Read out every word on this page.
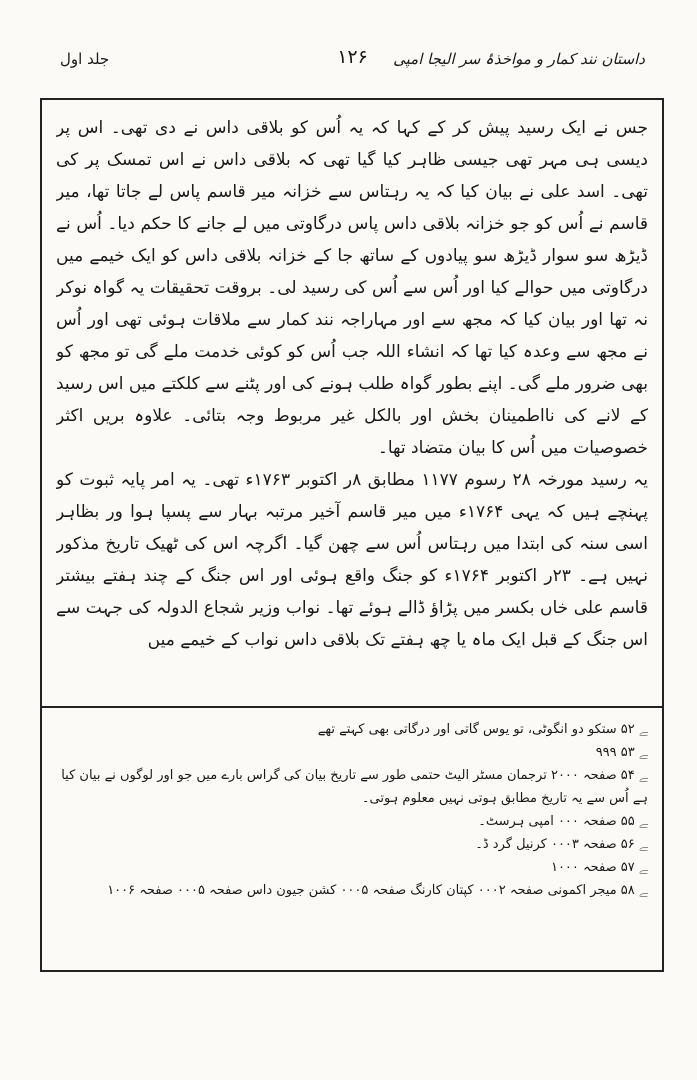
داستان نند کمار و مواخذۂ سر الیجا امپی
۱۲۶
جلد اول

جس نے ایک رسید پیش کر کے کہا کہ یہ اُس کو بلاقی داس نے دی تھی۔ اس پر دیسی ہی مہر تھی جیسی ظاہر کیا گیا تھی کہ بلاقی داس نے اس تمسک پر کی تھی۔ اسد علی نے بیان کیا کہ یہ رہتاس سے خزانہ میر قاسم پاس لے جاتا تھا، میر قاسم نے اُس کو جو خزانہ بلاقی داس پاس درگاوتی میں لے جانے کا حکم دیا۔ اُس نے ڈیڑھ سو سوار ڈیڑھ سو پیادوں کے ساتھ جا کے خزانہ بلاقی داس کو ایک خیمے میں درگاوتی میں حوالے کیا اور اُس سے اُس کی رسید لی۔ بروقت تحقیقات یہ گواہ نوکر نہ تھا اور بیان کیا کہ مجھ سے اور مہاراجہ نند کمار سے ملاقات ہوئی تھی اور اُس نے مجھ سے وعدہ کیا تھا کہ انشاء اللہ جب اُس کو کوئی خدمت ملے گی تو مجھ کو بھی ضرور ملے گی۔ اپنے بطور گواہ طلب ہونے کی اور پٹنے سے کلکتے میں اس رسید کے لانے کی نااطمینان بخش اور بالکل غیر مربوط وجہ بتائی۔ علاوہ بریں اکثر خصوصیات میں اُس کا بیان متضاد تھا۔

یہ رسید مورخہ ۲۸ رسوم ۱۱۷۷ مطابق ۸ر اکتوبر ۱۷۶۳ء تھی۔ یہ امر پایہ ثبوت کو پہنچے ہیں کہ یہی ۱۷۶۴ء میں میر قاسم آخیر مرتبہ بہار سے پسپا ہوا ور بظاہر اسی سنہ کی ابتدا میں رہتاس اُس سے چھن گیا۔ اگرچہ اس کی ٹھیک تاریخ مذکور نہیں ہے۔ ۲۳ر اکتوبر ۱۷۶۴ء کو جنگ واقع ہوئی اور اس جنگ کے چند ہفتے بیشتر قاسم علی خاں بکسر میں پڑاؤ ڈالے ہوئے تھا۔ نواب وزیر شجاع الدولہ کی جہت سے اس جنگ کے قبل ایک ماہ یا چھ ہفتے تک بلاقی داس نواب کے خیمے میں

ﮯ ۵۲ ستکو دو انگوٹی، تو یوس گاتی اور درگاتی بھی کہتے تھے

ﮯ ۵۳ ۹۹۹

ﮯ ۵۴ صفحہ ۲۰۰۰ ترجمان مسٹر الیٹ حتمی طور سے تاریخ بیان کی گراس بارے میں جو اور لوگوں نے بیان کیا ہے اُس سے یہ تاریخ مطابق ہوتی نہیں معلوم ہوتی۔

ﮯ ۵۵ صفحہ ۰۰۰ امپی ہرسٹ۔

ﮯ ۵۶ صفحہ ۰۰۰۳ کرنیل گرد ڈ۔

ﮯ ۵۷ صفحہ ۱۰۰۰

ﮯ ۵۸ میجر اکمونی صفحہ ۰۰۰۲ کپتان کارنگ صفحہ ۰۰۰۵ کشن جیون داس صفحہ ۰۰۰۵ صفحہ ۱۰۰۶
